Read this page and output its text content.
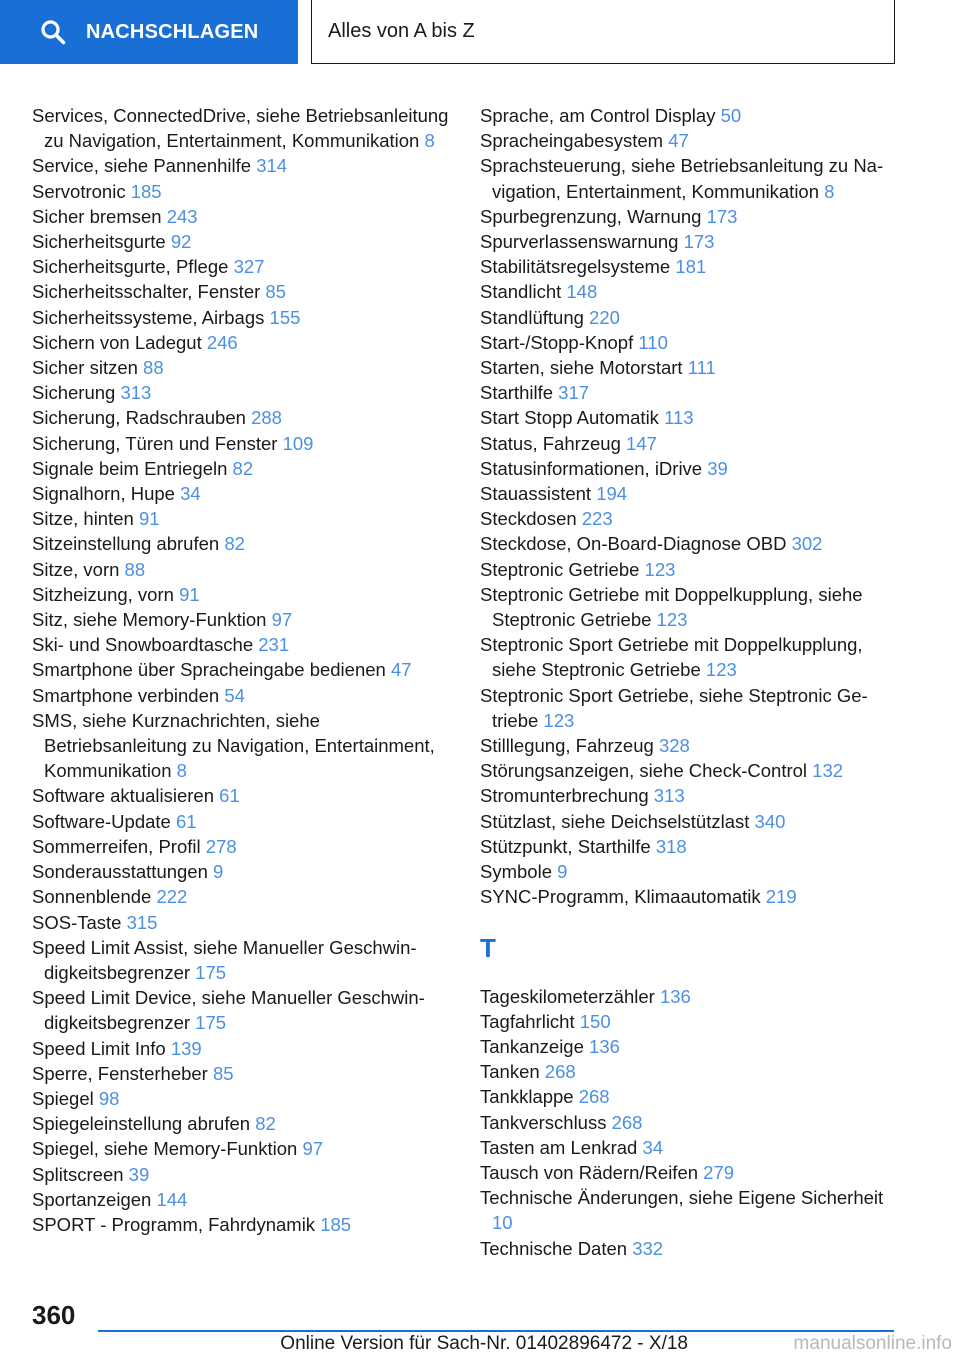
NACHSCHLAGEN	Alles von A bis Z

Services, ConnectedDrive, siehe Betriebsanleitung zu Navigation, Entertainment, Kommunikation 8

Service, siehe Pannenhilfe 314

Servotronic 185

Sicher bremsen 243

Sicherheitsgurte 92

Sicherheitsgurte, Pflege 327

Sicherheitsschalter, Fenster 85

Sicherheitssysteme, Airbags 155

Sichern von Ladegut 246

Sicher sitzen 88

Sicherung 313

Sicherung, Radschrauben 288

Sicherung, Türen und Fenster 109

Signale beim Entriegeln 82

Signalhorn, Hupe 34

Sitze, hinten 91

Sitzeinstellung abrufen 82

Sitze, vorn 88

Sitzheizung, vorn 91

Sitz, siehe Memory-Funktion 97

Ski- und Snowboardtasche 231

Smartphone über Spracheingabe bedienen 47

Smartphone verbinden 54

SMS, siehe Kurznachrichten, siehe Betriebsanleitung zu Navigation, Entertainment, Kommunikation 8

Software aktualisieren 61

Software-Update 61

Sommerreifen, Profil 278

Sonderausstattungen 9

Sonnenblende 222

SOS-Taste 315

Speed Limit Assist, siehe Manueller Geschwindigkeitsbegrenzer 175

Speed Limit Device, siehe Manueller Geschwindigkeitsbegrenzer 175

Speed Limit Info 139

Sperre, Fensterheber 85

Spiegel 98

Spiegeleinstellung abrufen 82

Spiegel, siehe Memory-Funktion 97

Splitscreen 39

Sportanzeigen 144

SPORT - Programm, Fahrdynamik 185

Sprache, am Control Display 50

Spracheingabesystem 47

Sprachsteuerung, siehe Betriebsanleitung zu Navigation, Entertainment, Kommunikation 8

Spurbegrenzung, Warnung 173

Spurverlassenswarnung 173

Stabilitätsregelsysteme 181

Standlicht 148

Standlüftung 220

Start-/Stopp-Knopf 110

Starten, siehe Motorstart 111

Starthilfe 317

Start Stopp Automatik 113

Status, Fahrzeug 147

Statusinformationen, iDrive 39

Stauassistent 194

Steckdosen 223

Steckdose, On-Board-Diagnose OBD 302

Steptronic Getriebe 123

Steptronic Getriebe mit Doppelkupplung, siehe Steptronic Getriebe 123

Steptronic Sport Getriebe mit Doppelkupplung, siehe Steptronic Getriebe 123

Steptronic Sport Getriebe, siehe Steptronic Getriebe 123

Stilllegung, Fahrzeug 328

Störungsanzeigen, siehe Check-Control 132

Stromunterbrechung 313

Stützlast, siehe Deichselstützlast 340

Stützpunkt, Starthilfe 318

Symbole 9

SYNC-Programm, Klimaautomatik 219

T

Tageskilometerzähler 136

Tagfahrlicht 150

Tankanzeige 136

Tanken 268

Tankklappe 268

Tankverschluss 268

Tasten am Lenkrad 34

Tausch von Rädern/Reifen 279

Technische Änderungen, siehe Eigene Sicherheit 10

Technische Daten 332

360
Online Version für Sach-Nr. 01402896472 - X/18	manualsonline.info
